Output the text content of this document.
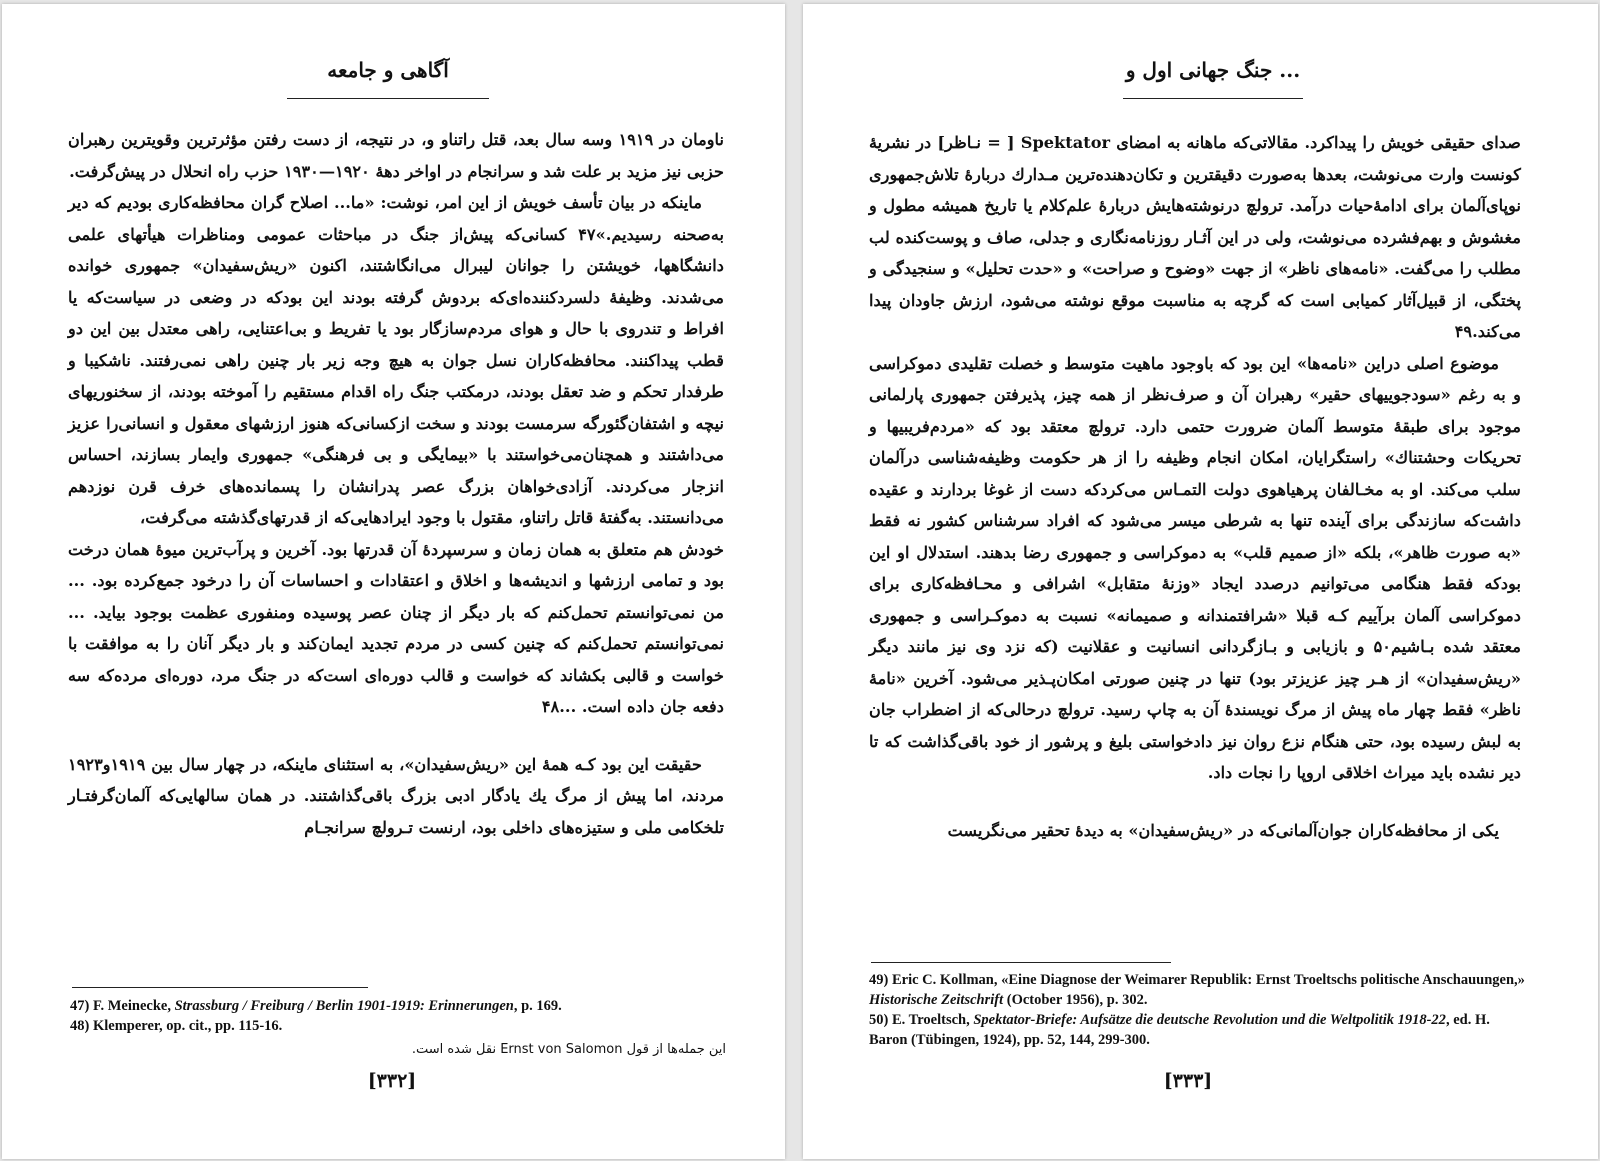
آگاهی و جامعه

ناومان در ۱۹۱۹ وسه سال بعد، قتل راتناو و، در نتیجه، از دست رفتن مؤثرترین وقویترین رهبران حزبی نیز مزید بر علت شد و سرانجام در اواخر دهۀ ۱۹۲۰—۱۹۳۰ حزب راه انحلال در پیش‌گرفت.

ماینکه در بیان تأسف خویش از این امر، نوشت: «ما... اصلاح گران محافظه‌کاری بودیم که دیر به‌صحنه رسیدیم.»۴۷ کسانی‌که پیش‌از جنگ در مباحثات عمومی ومناظرات هیأتهای علمی دانشگاهها، خویشتن را جوانان لیبرال می‌انگاشتند، اکنون «ریش‌سفیدان» جمهوری خوانده می‌شدند. وظیفۀ دلسردکننده‌ای‌که بردوش گرفته بودند این بودکه در وضعی در سیاست‌که یا افراط و تندروی با حال و هوای مردم‌سازگار بود یا تفریط و بی‌اعتنایی، راهی معتدل بین این دو قطب پیداکنند. محافظه‌کاران نسل جوان به هیچ وجه زیر بار چنین راهی نمی‌رفتند. ناشکیبا و طرفدار تحکم و ضد تعقل بودند، درمکتب جنگ راه اقدام مستقیم را آموخته بودند، از سخنوریهای نیچه و اشتفان‌گئورگه سرمست بودند و سخت ازکسانی‌که هنوز ارزشهای معقول و انسانی‌را عزیز می‌داشتند و همچنان‌می‌خواستند با «بیمایگی و بی فرهنگی» جمهوری وایمار بسازند، احساس انزجار می‌کردند. آزادی‌خواهان بزرگ عصر پدرانشان را پسمانده‌های خرف قرن نوزدهم می‌دانستند. به‌گفتۀ قاتل راتناو، مقتول با وجود ایرادهایی‌که از قدرتهای‌گذشته می‌گرفت،

خودش هم متعلق به همان زمان و سرسپردۀ آن قدرتها بود. آخرین و پرآب‌ترین میوۀ همان درخت بود و تمامی ارزشها و اندیشه‌ها و اخلاق و اعتقادات و احساسات آن را درخود جمع‌کرده بود. ... من نمی‌توانستم تحمل‌کنم که بار دیگر از چنان عصر پوسیده ومنفوری عظمت بوجود بیاید. ... نمی‌توانستم تحمل‌کنم که چنین کسی در مردم تجدید ایمان‌کند و بار دیگر آنان را به موافقت با خواست و قالبی بکشاند که خواست و قالب دوره‌ای است‌که در جنگ مرد، دوره‌ای مرده‌که سه دفعه جان داده است. ...۴۸

حقیقت این بود کـه همۀ این «ریش‌سفیدان»، به استثنای ماینکه، در چهار سال بین ۱۹۱۹و۱۹۲۳ مردند، اما پیش از مرگ یك یادگار ادبی بزرگ باقی‌گذاشتند. در همان سالهایی‌که آلمان‌گرفتـار تلخکامی ملی و ستیزه‌های داخلی بود، ارنست تـرولچ سرانجـام

47) F. Meinecke, Strassburg / Freiburg / Berlin 1901-1919: Erinnerungen, p. 169.
48) Klemperer, op. cit., pp. 115-16.
این جمله‌ها از قول Ernst von Salomon نقل شده است.
[۳۳۲]
جنگ جهانی اول و ...

صدای حقیقی خویش را پیداکرد. مقالاتی‌که ماهانه به امضای Spektator [ = نـاظر] در نشریۀ کونست وارت می‌نوشت، بعدها به‌صورت دقیقترین و تکان‌دهنده‌ترین مـدارك دربارۀ تلاش‌جمهوری نوپای‌آلمان برای ادامۀحیات درآمد. ترولچ درنوشته‌هایش دربارۀ علم‌کلام یا تاریخ همیشه مطول و مغشوش و بهم‌فشرده می‌نوشت، ولی در این آثـار روزنامه‌نگاری و جدلی، صاف و پوست‌کنده لب مطلب را می‌گفت. «نامه‌های ناظر» از جهت «وضوح و صراحت» و «حدت تحلیل» و سنجیدگی و پختگی، از قبیل‌آثار کمیابی است که گرچه به مناسبت موقع نوشته می‌شود، ارزش جاودان پیدا می‌کند.۴۹

موضوع اصلی دراین «نامه‌ها» این بود که باوجود ماهیت متوسط و خصلت تقلیدی دموکراسی و به رغم «سودجوییهای حقیر» رهبران آن و صرف‌نظر از همه چیز، پذیرفتن جمهوری پارلمانی موجود برای طبقۀ متوسط آلمان ضرورت حتمی دارد. ترولچ معتقد بود که «مردم‌فریبیها و تحریکات وحشتناك» راستگرایان، امکان انجام وظیفه را از هر حکومت وظیفه‌شناسی درآلمان سلب می‌کند. او به مخـالفان پرهیاهوی دولت التمـاس می‌کردکه دست از غوغا بردارند و عقیده داشت‌که سازندگی برای آینده تنها به شرطی میسر می‌شود که افراد سرشناس کشور نه فقط «به صورت ظاهر»، بلکه «از صمیم قلب» به دموکراسی و جمهوری رضا بدهند. استدلال او این بودکه فقط هنگامی می‌توانیم درصدد ایجاد «وزنۀ متقابل» اشرافی و محـافظه‌کاری برای دموکراسی آلمان برآییم کـه قبلا «شرافتمندانه و صمیمانه» نسبت به دموکـراسی و جمهوری معتقد شده بـاشیم۵۰ و بازیابی و بـازگردانی انسانیت و عقلانیت (که نزد وی نیز مانند دیگر «ریش‌سفیدان» از هـر چیز عزیزتر بود) تنها در چنین صورتی امکان‌پـذیر می‌شود. آخرین «نامۀ ناظر» فقط چهار ماه پیش از مرگ نویسندۀ آن به چاپ رسید. ترولچ درحالی‌که از اضطراب جان به لبش رسیده بود، حتی هنگام نزع روان نیز دادخواستی بلیغ و پرشور از خود باقی‌گذاشت که تا دیر نشده باید میراث اخلاقی اروپا را نجات داد.

یکی از محافظه‌کاران جوان‌آلمانی‌که در «ریش‌سفیدان» به دیدۀ تحقیر می‌نگریست

49) Eric C. Kollman, «Eine Diagnose der Weimarer Republik: Ernst Troeltschs politische Anschauungen,» Historische Zeitschrift (October 1956), p. 302.
50) E. Troeltsch, Spektator-Briefe: Aufsätze die deutsche Revolution und die Weltpolitik 1918-22, ed. H. Baron (Tübingen, 1924), pp. 52, 144, 299-300.
[۳۳۳]
